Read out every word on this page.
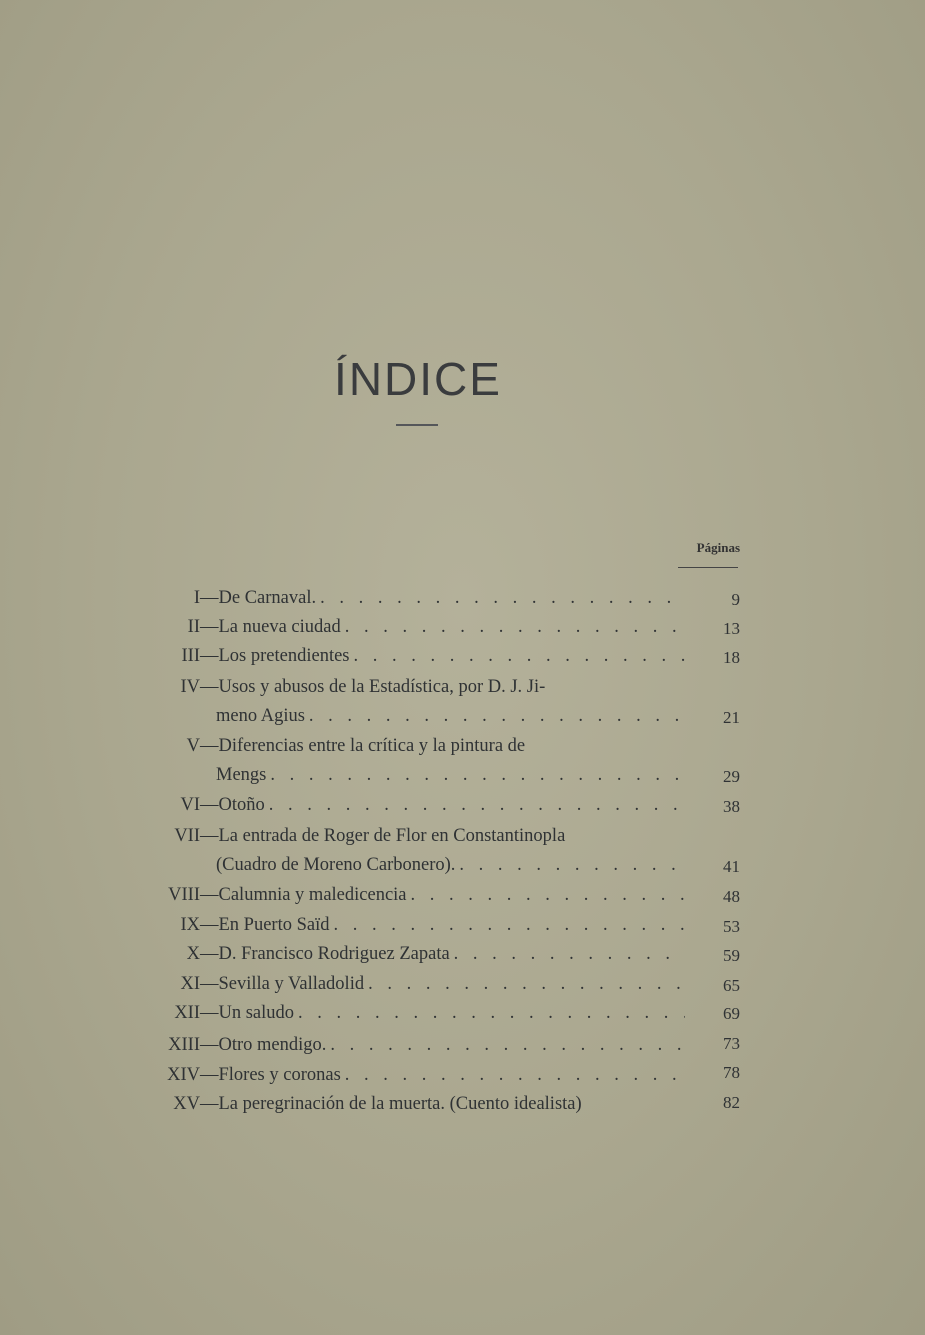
ÍNDICE
Páginas
I —De Carnaval. . . .	9
II —La nueva ciudad . . .	13
III —Los pretendientes . . .	18
IV —Usos y abusos de la Estadística, por D. J. Ji-
meno Agius . . .	21
V —Diferencias entre la crítica y la pintura de
Mengs . . .	29
VI —Otoño . . .	38
VII —La entrada de Roger de Flor en Constantinopla
(Cuadro de Moreno Carbonero). . . .	41
VIII —Calumnia y maledicencia . . .	48
IX —En Puerto Saïd . . .	53
X —D. Francisco Rodriguez Zapata . . .	59
XI —Sevilla y Valladolid . . .	65
XII —Un saludo . . .	69
XIII —Otro mendigo. . . .	73
XIV —Flores y coronas . . .	78
XV —La peregrinación de la muerta. (Cuento idealista)	82
